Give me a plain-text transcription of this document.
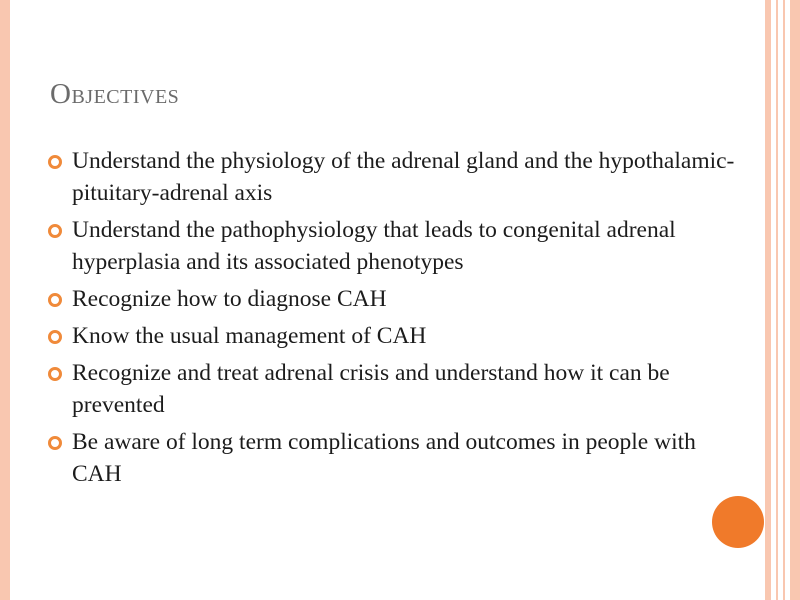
Objectives
Understand the physiology of the adrenal gland and the hypothalamic-pituitary-adrenal axis
Understand the pathophysiology that leads to congenital adrenal hyperplasia and its associated phenotypes
Recognize how to diagnose CAH
Know the usual management of CAH
Recognize and treat adrenal crisis and understand how it can be prevented
Be aware of long term complications and outcomes in people with CAH
